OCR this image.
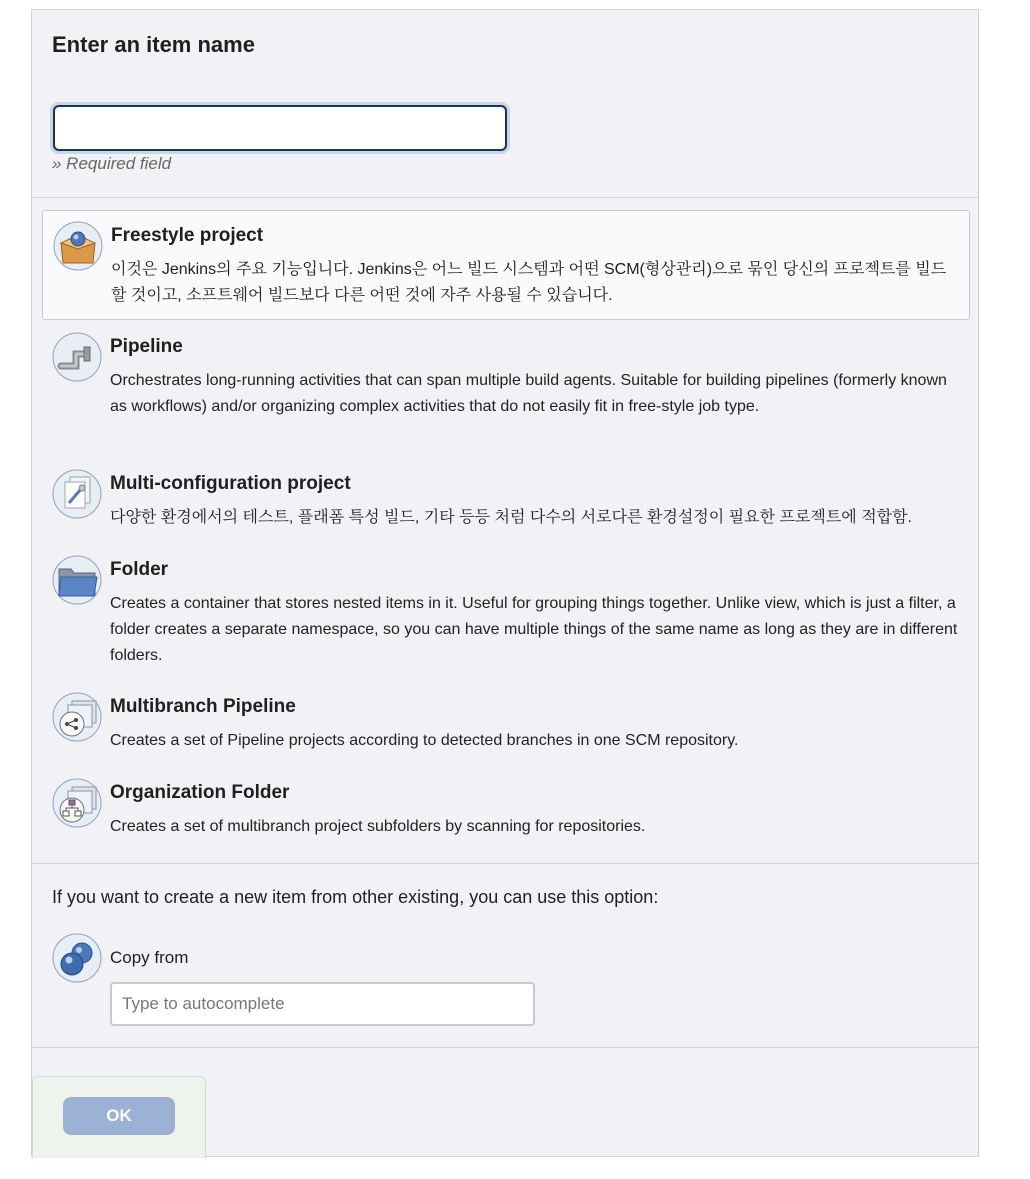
Enter an item name
» Required field
Freestyle project
이것은 Jenkins의 주요 기능입니다. Jenkins은 어느 빌드 시스템과 어떤 SCM(형상관리)으로 묶인 당신의 프로젝트를 빌드할 것이고, 소프트웨어 빌드보다 다른 어떤 것에 자주 사용될 수 있습니다.
Pipeline
Orchestrates long-running activities that can span multiple build agents. Suitable for building pipelines (formerly known as workflows) and/or organizing complex activities that do not easily fit in free-style job type.
Multi-configuration project
다양한 환경에서의 테스트, 플래폼 특성 빌드, 기타 등등 처럼 다수의 서로다른 환경설정이 필요한 프로젝트에 적합함.
Folder
Creates a container that stores nested items in it. Useful for grouping things together. Unlike view, which is just a filter, a folder creates a separate namespace, so you can have multiple things of the same name as long as they are in different folders.
Multibranch Pipeline
Creates a set of Pipeline projects according to detected branches in one SCM repository.
Organization Folder
Creates a set of multibranch project subfolders by scanning for repositories.
If you want to create a new item from other existing, you can use this option:
Copy from
Type to autocomplete
OK
